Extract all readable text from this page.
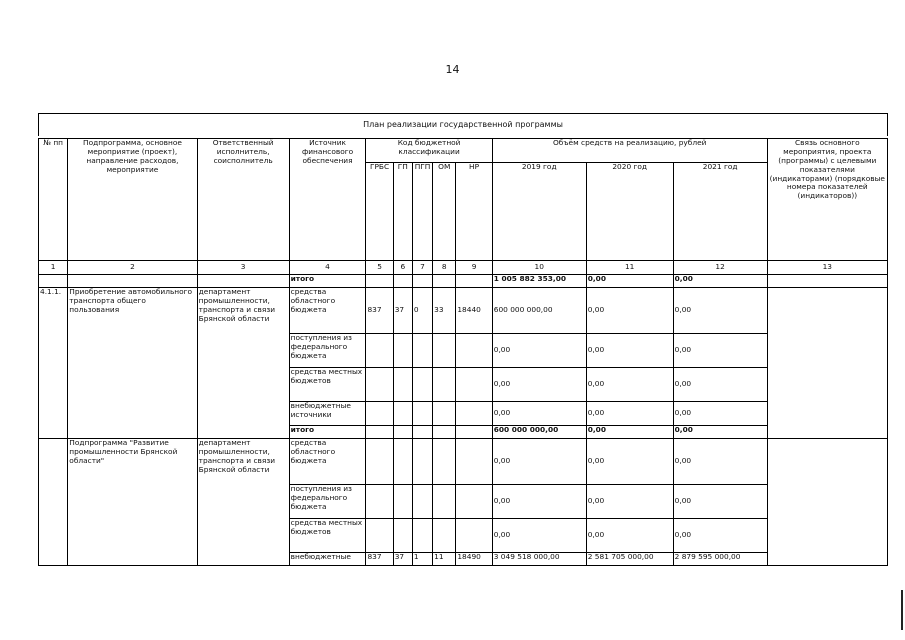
14
План реализации государственной программы
№ пп	Подпрограмма, основное мероприятие (проект), направление расходов, мероприятие	Ответственный исполнитель, соисполнитель	Источник финансового обеспечения	Код бюджетной классификации					Объём средств на реализацию, рублей			Связь основного мероприятия, проекта (программы) с целевыми показателями (индикаторами) (порядковые номера показателей (индикаторов))
				ГРБС	ГП	ПГП	ОМ	НР	2019 год	2020 год	2021 год	
1	2	3	4	5	6	7	8	9	10	11	12	13
			итого						1 005 882 353,00	0,00	0,00	
4.1.1.	Приобретение автомобильного транспорта общего пользования	департамент промышленности, транспорта и связи Брянской области	средства областного бюджета	837	37	0	33	18440	600 000 000,00	0,00	0,00	
			поступления из федерального бюджета						0,00	0,00	0,00	
			средства местных бюджетов						0,00	0,00	0,00	
			внебюджетные источники						0,00	0,00	0,00	
			итого						600 000 000,00	0,00	0,00	
	Подпрограмма "Развитие промышленности Брянской области"	департамент промышленности, транспорта и связи Брянской области	средства областного бюджета						0,00	0,00	0,00	
			поступления из федерального бюджета						0,00	0,00	0,00	
			средства местных бюджетов						0,00	0,00	0,00	
			внебюджетные	837	37	1	11	18490	3 049 518 000,00	2 581 705 000,00	2 879 595 000,00	
